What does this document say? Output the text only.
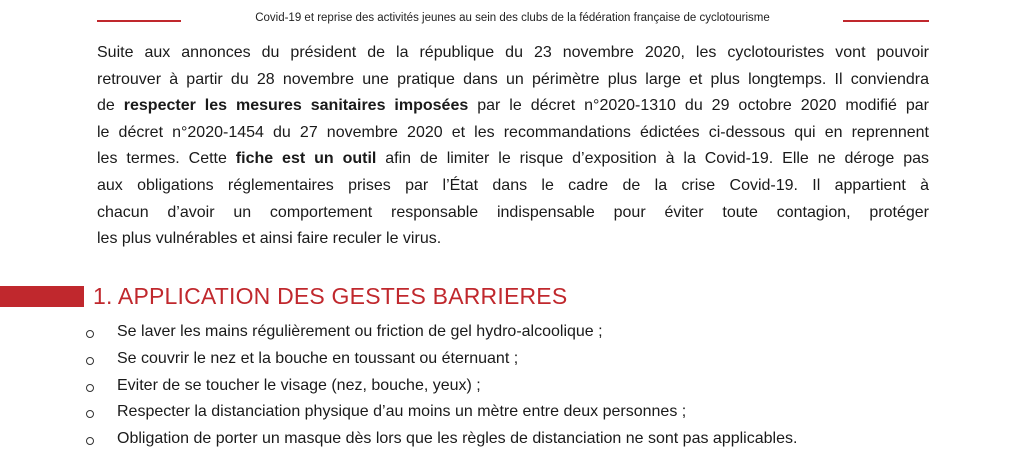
Covid-19 et reprise des activités jeunes au sein des clubs de la fédération française de cyclotourisme

Suite aux annonces du président de la république du 23 novembre 2020, les cyclotouristes vont pouvoir
retrouver à partir du 28 novembre une pratique dans un périmètre plus large et plus longtemps. Il conviendra
de respecter les mesures sanitaires imposées par le décret n°2020-1310 du 29 octobre 2020 modifié par
le décret n°2020-1454 du 27 novembre 2020 et les recommandations édictées ci-dessous qui en reprennent
les termes. Cette fiche est un outil afin de limiter le risque d’exposition à la Covid-19. Elle ne déroge pas
aux obligations réglementaires prises par l’État dans le cadre de la crise Covid-19. Il appartient à
chacun d’avoir un comportement responsable indispensable pour éviter toute contagion, protéger
les plus vulnérables et ainsi faire reculer le virus.

1. APPLICATION DES GESTES BARRIERES
Se laver les mains régulièrement ou friction de gel hydro-alcoolique ;
Se couvrir le nez et la bouche en toussant ou éternuant ;
Eviter de se toucher le visage (nez, bouche, yeux) ;
Respecter la distanciation physique d’au moins un mètre entre deux personnes ;
Obligation de porter un masque dès lors que les règles de distanciation ne sont pas applicables.
